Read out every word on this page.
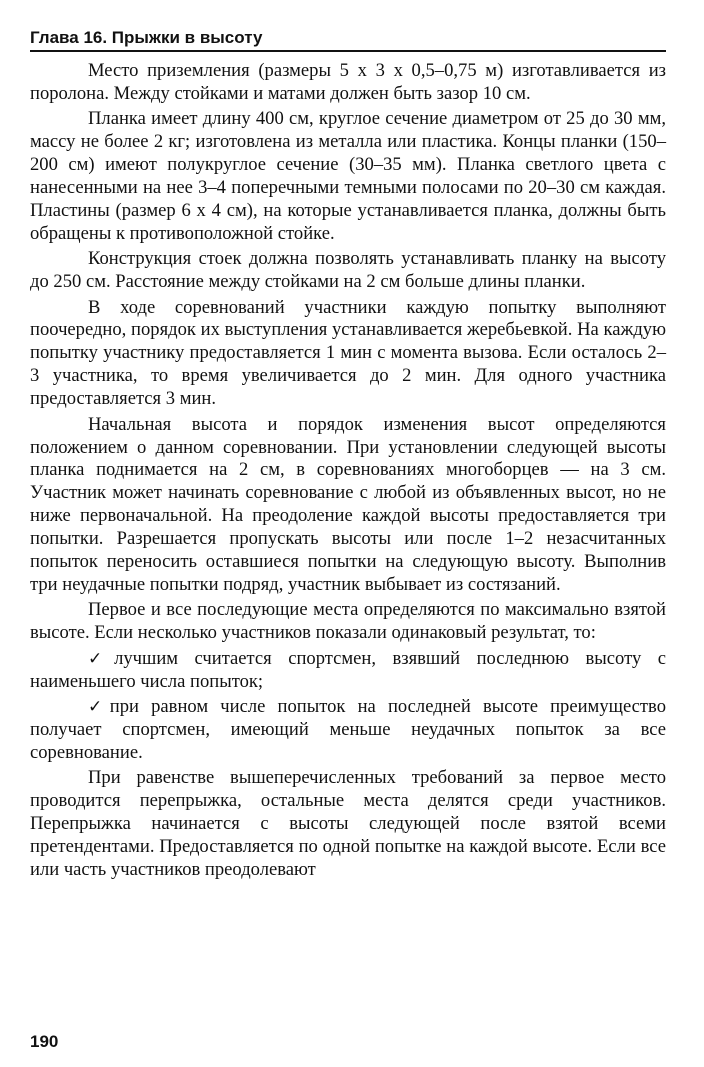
Глава 16. Прыжки в высоту

Место приземления (размеры 5 х 3 х 0,5–0,75 м) изготавливается из поролона. Между стойками и матами должен быть зазор 10 см.

Планка имеет длину 400 см, круглое сечение диаметром от 25 до 30 мм, массу не более 2 кг; изготовлена из металла или пластика. Концы планки (150–200 см) имеют полукруглое сечение (30–35 мм). Планка светлого цвета с нанесенными на нее 3–4 поперечными темными полосами по 20–30 см каждая. Пластины (размер 6 х 4 см), на которые устанавливается планка, должны быть обращены к противоположной стойке.

Конструкция стоек должна позволять устанавливать планку на высоту до 250 см. Расстояние между стойками на 2 см больше длины планки.

В ходе соревнований участники каждую попытку выполняют поочередно, порядок их выступления устанавливается жеребьевкой. На каждую попытку участнику предоставляется 1 мин с момента вызова. Если осталось 2–3 участника, то время увеличивается до 2 мин. Для одного участника предоставляется 3 мин.

Начальная высота и порядок изменения высот определяются положением о данном соревновании. При установлении следующей высоты планка поднимается на 2 см, в соревнованиях многоборцев — на 3 см. Участник может начинать соревнование с любой из объявленных высот, но не ниже первоначальной. На преодоление каждой высоты предоставляется три попытки. Разрешается пропускать высоты или после 1–2 незасчитанных попыток переносить оставшиеся попытки на следующую высоту. Выполнив три неудачные попытки подряд, участник выбывает из состязаний.

Первое и все последующие места определяются по максимально взятой высоте. Если несколько участников показали одинаковый результат, то:

✓лучшим считается спортсмен, взявший последнюю высоту с наименьшего числа попыток;

✓при равном числе попыток на последней высоте преимущество получает спортсмен, имеющий меньше неудачных попыток за все соревнование.

При равенстве вышеперечисленных требований за первое место проводится перепрыжка, остальные места делятся среди участников. Перепрыжка начинается с высоты следующей после взятой всеми претендентами. Предоставляется по одной попытке на каждой высоте. Если все или часть участников преодолевают

190
